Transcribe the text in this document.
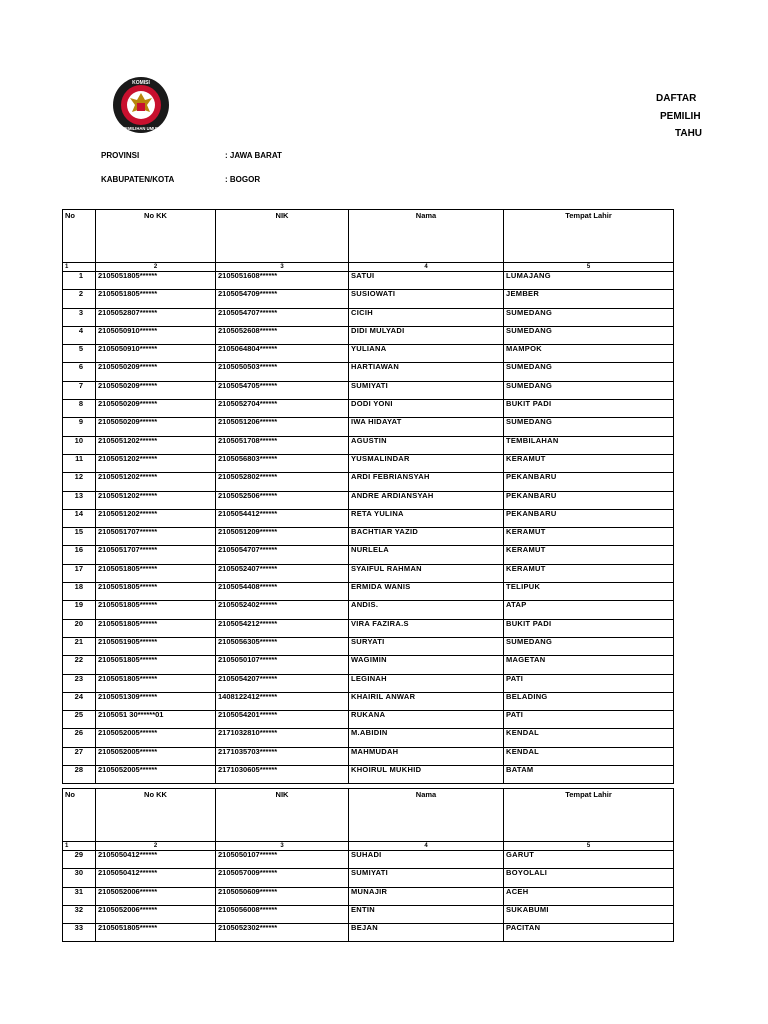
KOMISI
PEMILIHAN UMUM
DAFTAR
PEMILIH
TAHU
PROVINSI	: JAWA BARAT
KABUPATEN/KOTA	: BOGOR
No	No KK	NIK	Nama	Tempat Lahir
1	2	3	4	5
1	2105051805******	2105051608******	SATUI	LUMAJANG
2	2105051805******	2105054709******	SUSIOWATI	JEMBER
3	2105052807******	2105054707******	CICIH	SUMEDANG
4	2105050910******	2105052608******	DIDI MULYADI	SUMEDANG
5	2105050910******	2105064804******	YULIANA	MAMPOK
6	2105050209******	2105050503******	HARTIAWAN	SUMEDANG
7	2105050209******	2105054705******	SUMIYATI	SUMEDANG
8	2105050209******	2105052704******	DODI YONI	BUKIT PADI
9	2105050209******	2105051206******	IWA HIDAYAT	SUMEDANG
10	2105051202******	2105051708******	AGUSTIN	TEMBILAHAN
11	2105051202******	2105056803******	YUSMALINDAR	KERAMUT
12	2105051202******	2105052802******	ARDI FEBRIANSYAH	PEKANBARU
13	2105051202******	2105052506******	ANDRE ARDIANSYAH	PEKANBARU
14	2105051202******	2105054412******	RETA YULINA	PEKANBARU
15	2105051707******	2105051209******	BACHTIAR YAZID	KERAMUT
16	2105051707******	2105054707******	NURLELA	KERAMUT
17	2105051805******	2105052407******	SYAIFUL RAHMAN	KERAMUT
18	2105051805******	2105054408******	ERMIDA WANIS	TELIPUK
19	2105051805******	2105052402******	ANDIS.	ATAP
20	2105051805******	2105054212******	VIRA FAZIRA.S	BUKIT PADI
21	2105051905******	2105056305******	SURYATI	SUMEDANG
22	2105051805******	2105050107******	WAGIMIN	MAGETAN
23	2105051805******	2105054207******	LEGINAH	PATI
24	2105051309******	1408122412******	KHAIRIL ANWAR	BELADING
25	2105051 30******01	2105054201******	RUKANA	PATI
26	2105052005******	2171032810******	M.ABIDIN	KENDAL
27	2105052005******	2171035703******	MAHMUDAH	KENDAL
28	2105052005******	2171030605******	KHOIRUL MUKHID	BATAM
No	No KK	NIK	Nama	Tempat Lahir
1	2	3	4	5
29	2105050412******	2105050107******	SUHADI	GARUT
30	2105050412******	2105057009******	SUMIYATI	BOYOLALI
31	2105052006******	2105050609******	MUNAJIR	ACEH
32	2105052006******	2105056008******	ENTIN	SUKABUMI
33	2105051805******	2105052302******	BEJAN	PACITAN
